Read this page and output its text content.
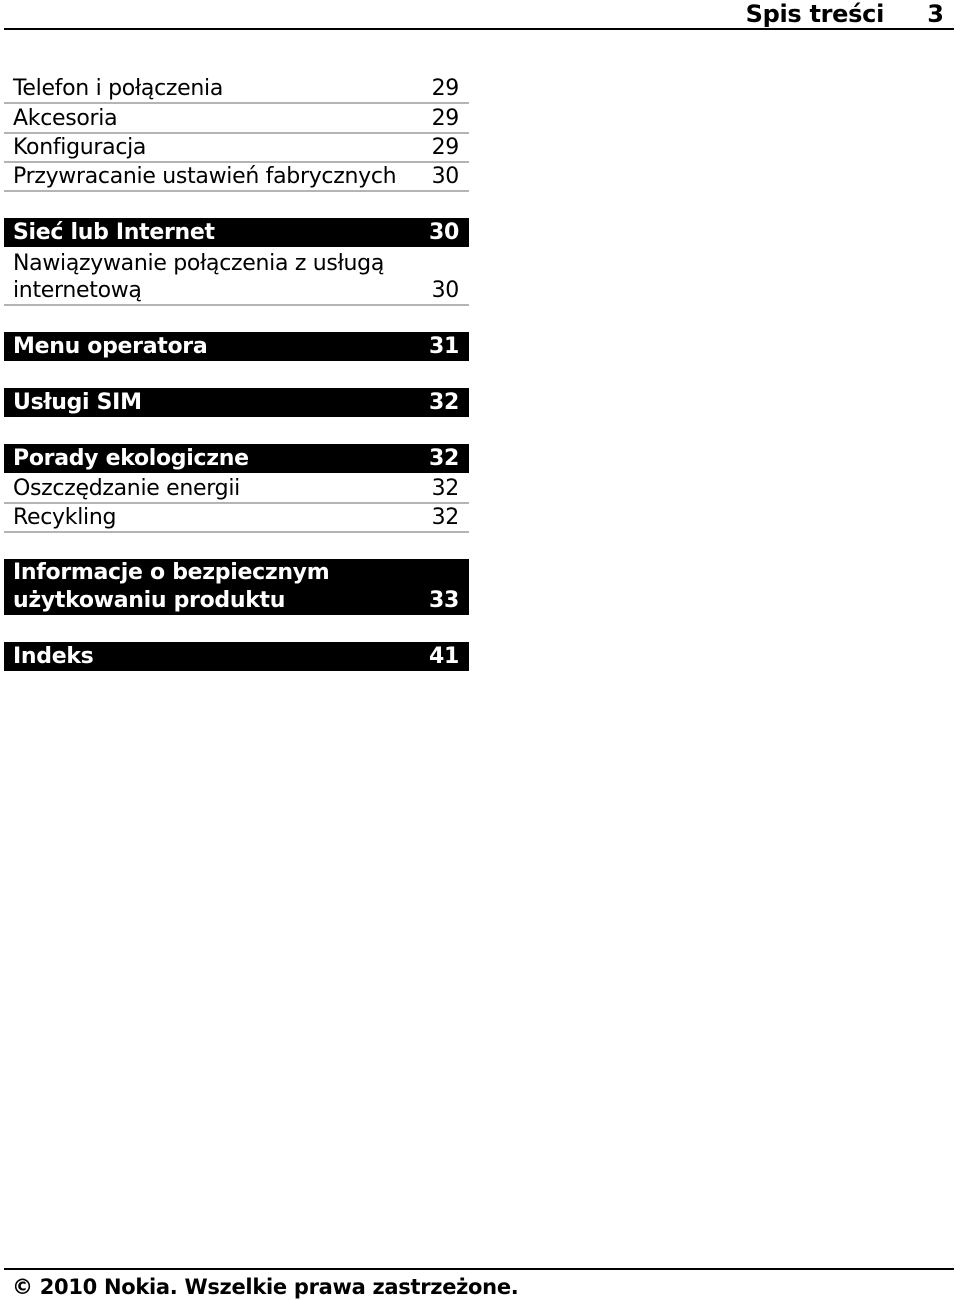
Spis treści 3
Telefon i połączenia	29
Akcesoria	29
Konfiguracja	29
Przywracanie ustawień fabrycznych 30
Sieć lub Internet	30
Nawiązywanie połączenia z usługą internetową	30
Menu operatora	31
Usługi SIM	32
Porady ekologiczne	32
Oszczędzanie energii	32
Recykling	32
Informacje o bezpiecznym użytkowaniu produktu	33
Indeks	41
© 2010 Nokia. Wszelkie prawa zastrzeżone.
